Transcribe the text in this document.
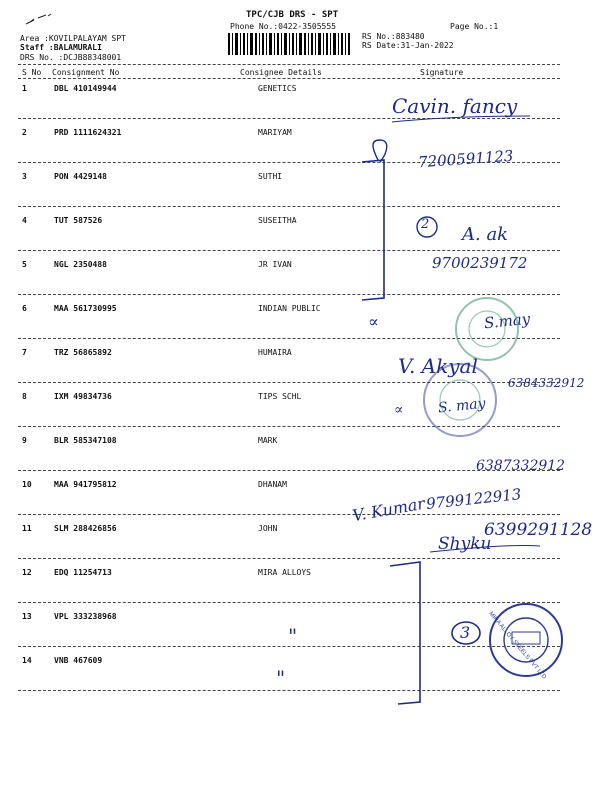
TPC/CJB DRS - SPT
Phone No.:0422-3505555	Page No.:1
Area :KOVILPALAYAM SPT
Staff :BALAMURALI
DRS No. :DCJB88348001
RS No.:883480
RS Date:31-Jan-2022
S No Consignment No	Consignee Details	Signature
1	DBL 410149944	GENETICS
2	PRD 1111624321	MARIYAM
3	PON 4429148	SUTHI
4	TUT 587526	SUSEITHA
5	NGL 2350488	JR IVAN
6	MAA 561730995	INDIAN PUBLIC
7	TRZ 56865892	HUMAIRA
8	IXM 49834736	TIPS SCHL
9	BLR 585347108	MARK
10	MAA 941795812	DHANAM
11	SLM 288426856	JOHN
12	EDQ 11254713	MIRA ALLOYS
13	VPL 333238968
14	VNB 467609
Cavin. fancy
7200591123
2 A. ak
9700239172
∝	S.may
V. Akyal
6384332912
∝ S. may
6387332912
V. Kumar 9799122913
6399291128
Shyku
3
"
"	MIRA ALLOY STEELS PVT LTD
